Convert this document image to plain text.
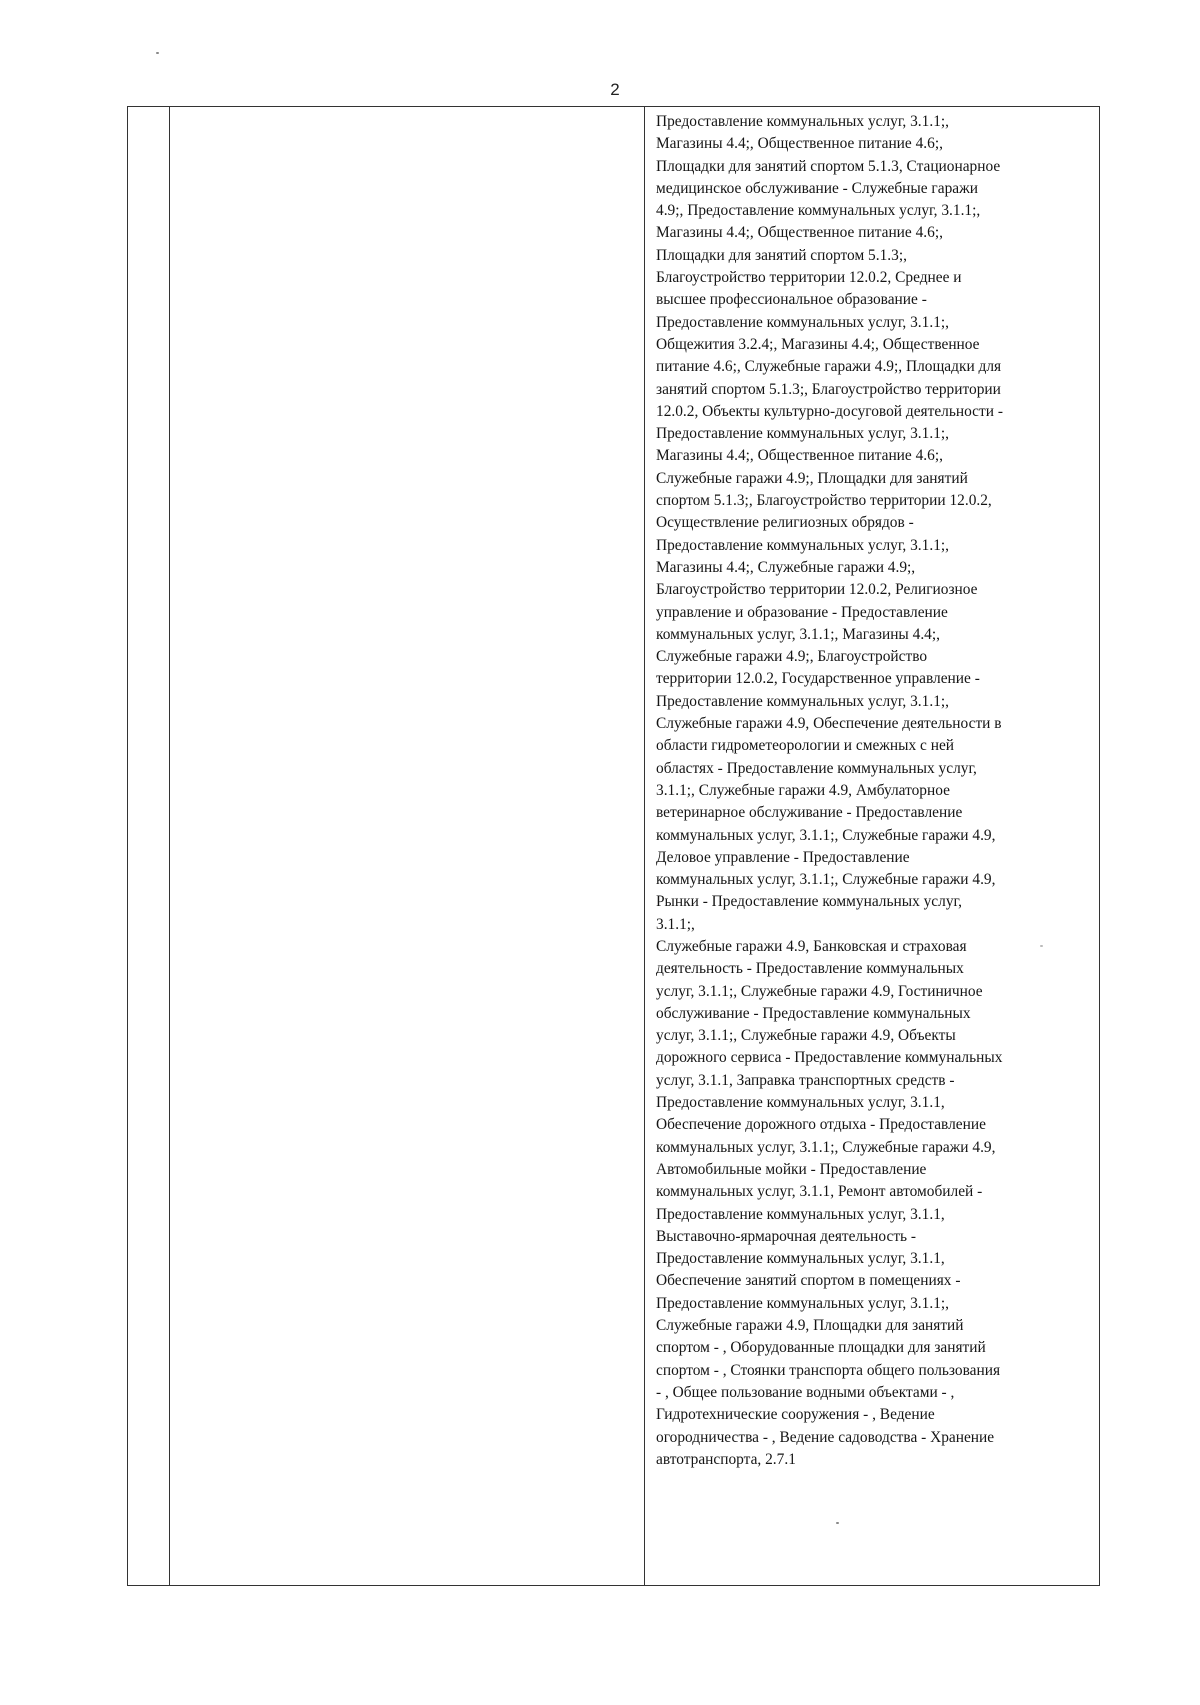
2
Предоставление коммунальных услуг, 3.1.1;,
Магазины 4.4;, Общественное питание 4.6;,
Площадки для занятий спортом 5.1.3, Стационарное
медицинское обслуживание - Служебные гаражи
4.9;, Предоставление коммунальных услуг, 3.1.1;,
Магазины 4.4;, Общественное питание 4.6;,
Площадки для занятий спортом 5.1.3;,
Благоустройство территории 12.0.2, Среднее и
высшее профессиональное образование -
Предоставление коммунальных услуг, 3.1.1;,
Общежития 3.2.4;, Магазины 4.4;, Общественное
питание 4.6;, Служебные гаражи 4.9;, Площадки для
занятий спортом 5.1.3;, Благоустройство территории
12.0.2, Объекты культурно-досуговой деятельности -
Предоставление коммунальных услуг, 3.1.1;,
Магазины 4.4;, Общественное питание 4.6;,
Служебные гаражи 4.9;, Площадки для занятий
спортом 5.1.3;, Благоустройство территории 12.0.2,
Осуществление религиозных обрядов -
Предоставление коммунальных услуг, 3.1.1;,
Магазины 4.4;, Служебные гаражи 4.9;,
Благоустройство территории 12.0.2, Религиозное
управление и образование - Предоставление
коммунальных услуг, 3.1.1;, Магазины 4.4;,
Служебные гаражи 4.9;, Благоустройство
территории 12.0.2, Государственное управление -
Предоставление коммунальных услуг, 3.1.1;,
Служебные гаражи 4.9, Обеспечение деятельности в
области гидрометеорологии и смежных с ней
областях - Предоставление коммунальных услуг,
3.1.1;, Служебные гаражи 4.9, Амбулаторное
ветеринарное обслуживание - Предоставление
коммунальных услуг, 3.1.1;, Служебные гаражи 4.9,
Деловое управление - Предоставление
коммунальных услуг, 3.1.1;, Служебные гаражи 4.9,
Рынки - Предоставление коммунальных услуг,
3.1.1;,
Служебные гаражи 4.9, Банковская и страховая
деятельность - Предоставление коммунальных
услуг, 3.1.1;, Служебные гаражи 4.9, Гостиничное
обслуживание - Предоставление коммунальных
услуг, 3.1.1;, Служебные гаражи 4.9, Объекты
дорожного сервиса - Предоставление коммунальных
услуг, 3.1.1, Заправка транспортных средств -
Предоставление коммунальных услуг, 3.1.1,
Обеспечение дорожного отдыха - Предоставление
коммунальных услуг, 3.1.1;, Служебные гаражи 4.9,
Автомобильные мойки - Предоставление
коммунальных услуг, 3.1.1, Ремонт автомобилей -
Предоставление коммунальных услуг, 3.1.1,
Выставочно-ярмарочная деятельность -
Предоставление коммунальных услуг, 3.1.1,
Обеспечение занятий спортом в помещениях -
Предоставление коммунальных услуг, 3.1.1;,
Служебные гаражи 4.9, Площадки для занятий
спортом - , Оборудованные площадки для занятий
спортом - , Стоянки транспорта общего пользования
- , Общее пользование водными объектами - ,
Гидротехнические сооружения - , Ведение
огородничества - , Ведение садоводства - Хранение
автотранспорта, 2.7.1
